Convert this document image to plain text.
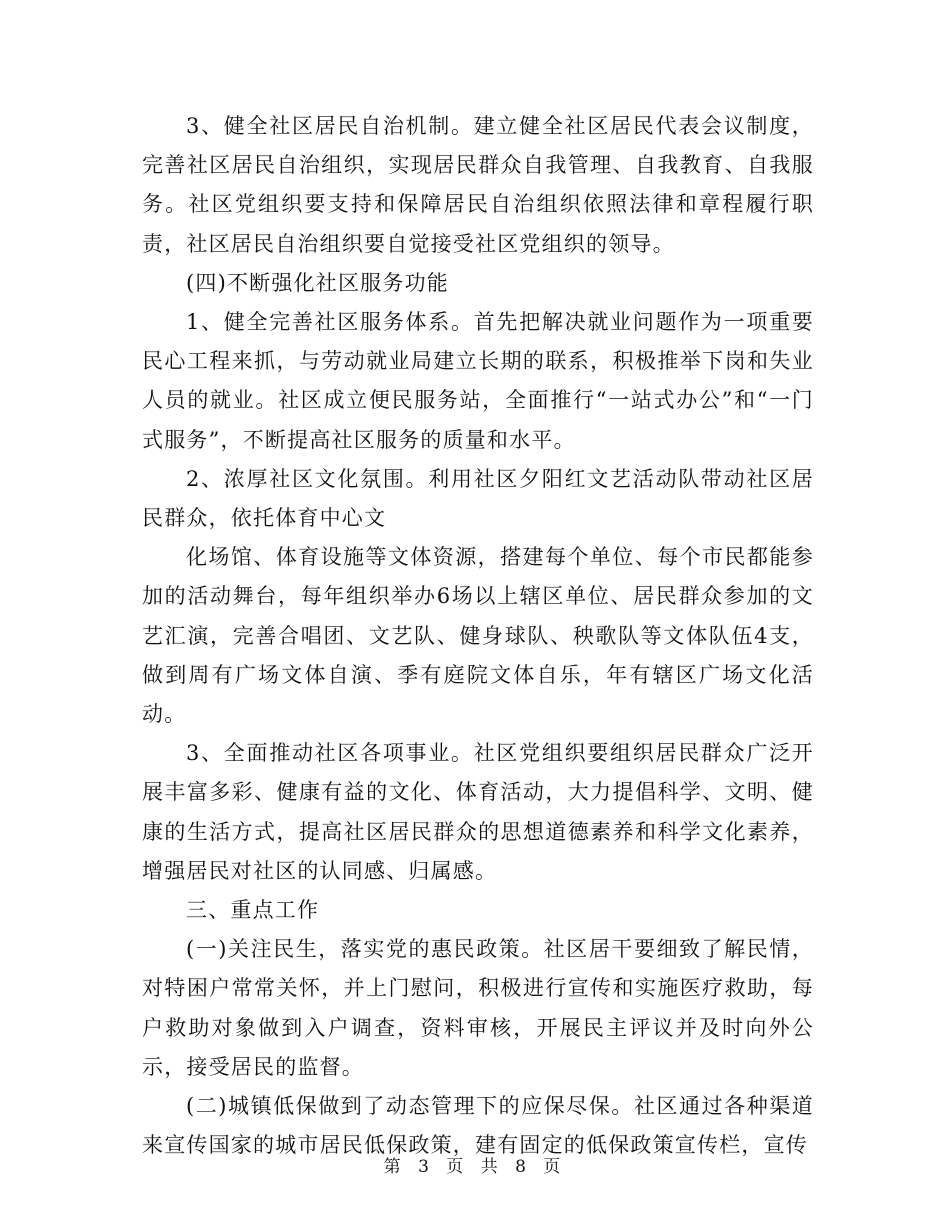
3、健全社区居民自治机制。建立健全社区居民代表会议制度，完善社区居民自治组织，实现居民群众自我管理、自我教育、自我服务。社区党组织要支持和保障居民自治组织依照法律和章程履行职责，社区居民自治组织要自觉接受社区党组织的领导。

(四)不断强化社区服务功能

1、健全完善社区服务体系。首先把解决就业问题作为一项重要民心工程来抓，与劳动就业局建立长期的联系，积极推举下岗和失业人员的就业。社区成立便民服务站，全面推行“一站式办公”和“一门式服务”，不断提高社区服务的质量和水平。

2、浓厚社区文化氛围。利用社区夕阳红文艺活动队带动社区居民群众，依托体育中心文

化场馆、体育设施等文体资源，搭建每个单位、每个市民都能参加的活动舞台，每年组织举办6场以上辖区单位、居民群众参加的文艺汇演，完善合唱团、文艺队、健身球队、秧歌队等文体队伍4支，做到周有广场文体自演、季有庭院文体自乐，年有辖区广场文化活动。

3、全面推动社区各项事业。社区党组织要组织居民群众广泛开展丰富多彩、健康有益的文化、体育活动，大力提倡科学、文明、健康的生活方式，提高社区居民群众的思想道德素养和科学文化素养，增强居民对社区的认同感、归属感。

三、重点工作

(一)关注民生，落实党的惠民政策。社区居干要细致了解民情，对特困户常常关怀，并上门慰问，积极进行宣传和实施医疗救助，每户救助对象做到入户调查，资料审核，开展民主评议并及时向外公示，接受居民的监督。

(二)城镇低保做到了动态管理下的应保尽保。社区通过各种渠道来宣传国家的城市居民低保政策，建有固定的低保政策宣传栏，宣传

第 3 页 共 8 页
